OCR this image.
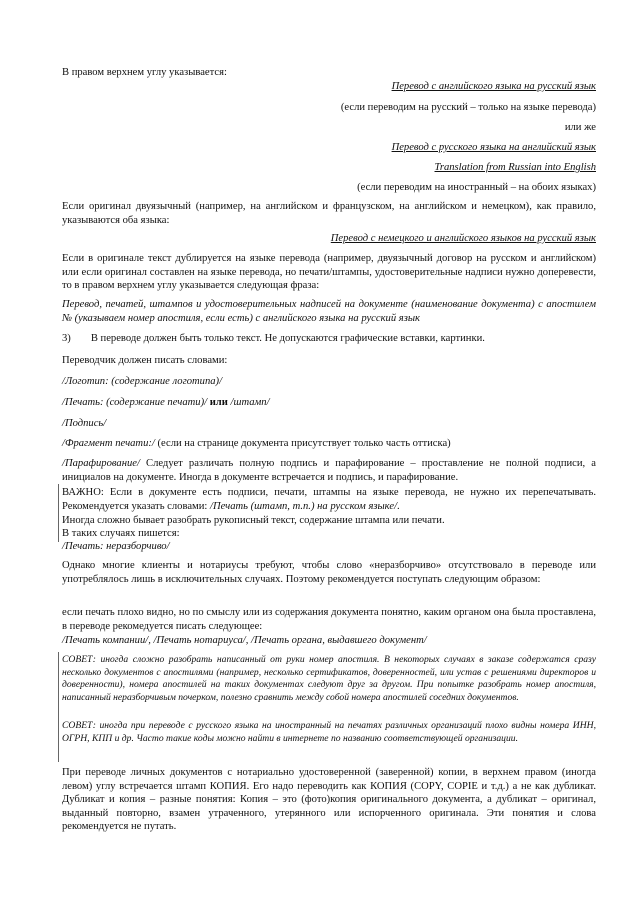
В правом верхнем углу указывается:
Перевод с английского языка на русский язык
(если переводим на русский – только на языке перевода)
или же
Перевод с русского языка на английский язык
Translation from Russian into English
(если переводим на иностранный – на обоих языках)
Если оригинал двуязычный (например, на английском и французском, на английском и немецком), как правило, указываются оба языка:
Перевод с немецкого и английского языков на русский язык
Если в оригинале текст дублируется на языке перевода (например, двуязычный договор на русском и английском) или если оригинал составлен на языке перевода, но печати/штампы, удостоверительные надписи нужно доперевести, то в правом верхнем углу указывается следующая фраза:
Перевод, печатей, штампов и удостоверительных надписей на документе (наименование документа) с апостилем № (указываем номер апостиля, если есть) с английского языка на русский язык
3) В переводе должен быть только текст. Не допускаются графические вставки, картинки.
Переводчик должен писать словами:
/Логотип: (содержание логотипа)/
/Печать: (содержание печати)/ или /штамп/
/Подпись/
/Фрагмент печати:/ (если на странице документа присутствует только часть оттиска)
/Парафирование/ Следует различать полную подпись и парафирование – проставление не полной подписи, а инициалов на документе. Иногда в документе встречается и подпись, и парафирование.
ВАЖНО: Если в документе есть подписи, печати, штампы на языке перевода, не нужно их перепечатывать. Рекомендуется указать словами: /Печать (штамп, т.п.) на русском языке/.
Иногда сложно бывает разобрать рукописный текст, содержание штампа или печати.
В таких случаях пишется:
/Печать: неразборчиво/
Однако многие клиенты и нотариусы требуют, чтобы слово «неразборчиво» отсутствовало в переводе или употреблялось лишь в исключительных случаях. Поэтому рекомендуется поступать следующим образом:
если печать плохо видно, но по смыслу или из содержания документа понятно, каким органом она была проставлена, в переводе рекомедуется писать следующее:
/Печать компании/, /Печать нотариуса/, /Печать органа, выдавшего документ/
СОВЕТ: иногда сложно разобрать написанный от руки номер апостиля. В некоторых случаях в заказе содержатся сразу несколько документов с апостилями (например, несколько сертификатов, доверенностей, или устав с решениями директоров и доверенности), номера апостилей на таких документах следуют друг за другом. При попытке разобрать номер апостиля, написанный неразборчивым почерком, полезно сравнить между собой номера апостилей соседних документов.
СОВЕТ: иногда при переводе с русского языка на иностранный на печатях различных организаций плохо видны номера ИНН, ОГРН, КПП и др. Часто такие коды можно найти в интернете по названию соответствующей организации.
При переводе личных документов с нотариально удостоверенной (заверенной) копии, в верхнем правом (иногда левом) углу встречается штамп КОПИЯ. Его надо переводить как КОПИЯ (COPY, COPIE и т.д.) а не как дубликат. Дубликат и копия – разные понятия: Копия – это (фото)копия оригинального документа, а дубликат – оригинал, выданный повторно, взамен утраченного, утерянного или испорченного оригинала. Эти понятия и слова рекомендуется не путать.
